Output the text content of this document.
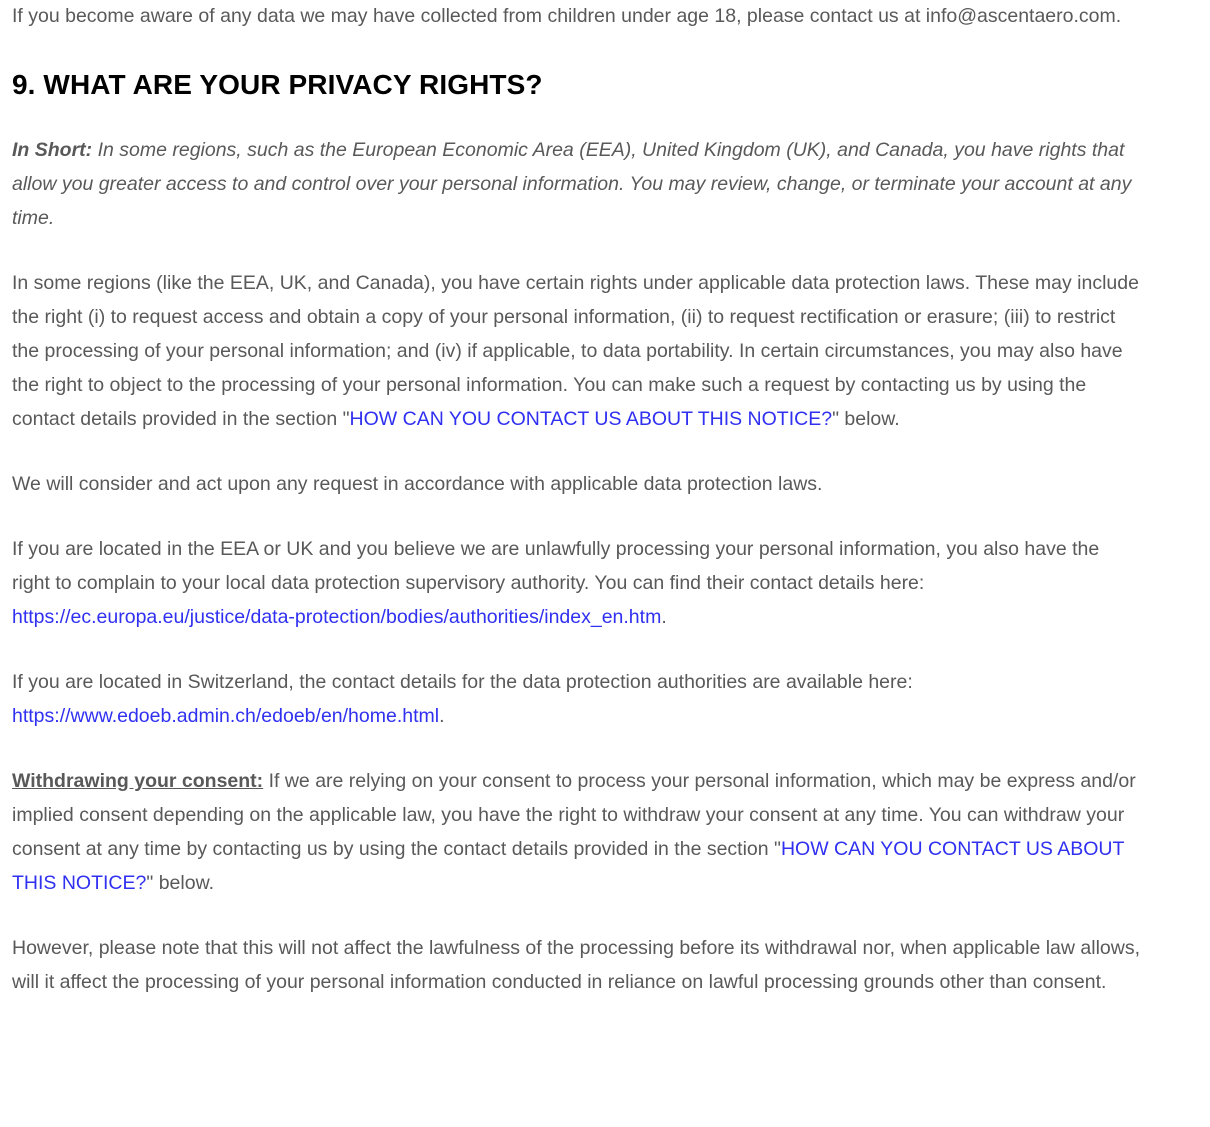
If you become aware of any data we may have collected from children under age 18, please contact us at info@ascentaero.com.

9. WHAT ARE YOUR PRIVACY RIGHTS?

In Short: In some regions, such as the European Economic Area (EEA), United Kingdom (UK), and Canada, you have rights that allow you greater access to and control over your personal information. You may review, change, or terminate your account at any time.

In some regions (like the EEA, UK, and Canada), you have certain rights under applicable data protection laws. These may include the right (i) to request access and obtain a copy of your personal information, (ii) to request rectification or erasure; (iii) to restrict the processing of your personal information; and (iv) if applicable, to data portability. In certain circumstances, you may also have the right to object to the processing of your personal information. You can make such a request by contacting us by using the contact details provided in the section "HOW CAN YOU CONTACT US ABOUT THIS NOTICE?" below.

We will consider and act upon any request in accordance with applicable data protection laws.

If you are located in the EEA or UK and you believe we are unlawfully processing your personal information, you also have the right to complain to your local data protection supervisory authority. You can find their contact details here: https://ec.europa.eu/justice/data-protection/bodies/authorities/index_en.htm.

If you are located in Switzerland, the contact details for the data protection authorities are available here: https://www.edoeb.admin.ch/edoeb/en/home.html.

Withdrawing your consent: If we are relying on your consent to process your personal information, which may be express and/or implied consent depending on the applicable law, you have the right to withdraw your consent at any time. You can withdraw your consent at any time by contacting us by using the contact details provided in the section "HOW CAN YOU CONTACT US ABOUT THIS NOTICE?" below.

However, please note that this will not affect the lawfulness of the processing before its withdrawal nor, when applicable law allows, will it affect the processing of your personal information conducted in reliance on lawful processing grounds other than consent.
